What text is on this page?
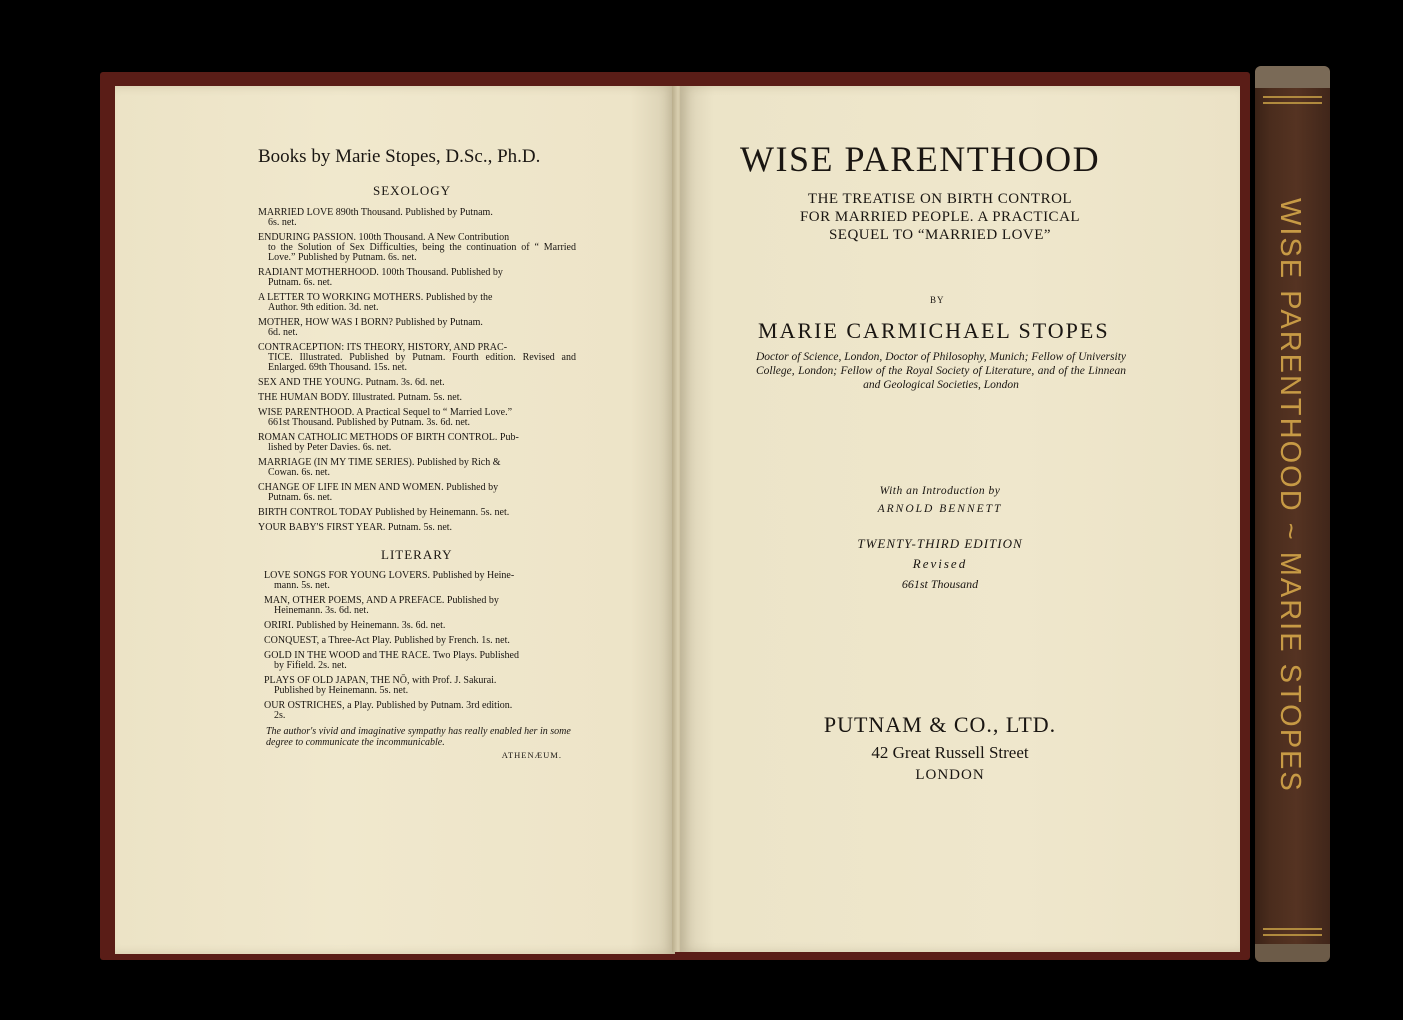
WISE PARENTHOOD ~ MARIE STOPES
Books by Marie Stopes, D.Sc., Ph.D.
SEXOLOGY
MARRIED LOVE 890th Thousand. Published by Putnam.
6s. net.
ENDURING PASSION. 100th Thousand. A New Contribution
to the Solution of Sex Difficulties, being the continuation of “ Married Love.” Published by Putnam. 6s. net.
RADIANT MOTHERHOOD. 100th Thousand. Published by
Putnam. 6s. net.
A LETTER TO WORKING MOTHERS. Published by the
Author. 9th edition. 3d. net.
MOTHER, HOW WAS I BORN? Published by Putnam.
6d. net.
CONTRACEPTION: ITS THEORY, HISTORY, AND PRAC-
TICE. Illustrated. Published by Putnam. Fourth edition. Revised and Enlarged. 69th Thousand. 15s. net.
SEX AND THE YOUNG. Putnam. 3s. 6d. net.
THE HUMAN BODY. Illustrated. Putnam. 5s. net.
WISE PARENTHOOD. A Practical Sequel to “ Married Love.”
661st Thousand. Published by Putnam. 3s. 6d. net.
ROMAN CATHOLIC METHODS OF BIRTH CONTROL. Pub-
lished by Peter Davies. 6s. net.
MARRIAGE (IN MY TIME SERIES). Published by Rich &
Cowan. 6s. net.
CHANGE OF LIFE IN MEN AND WOMEN. Published by
Putnam. 6s. net.
BIRTH CONTROL TODAY Published by Heinemann. 5s. net.
YOUR BABY'S FIRST YEAR. Putnam. 5s. net.
LITERARY
LOVE SONGS FOR YOUNG LOVERS. Published by Heine-
mann. 5s. net.
MAN, OTHER POEMS, AND A PREFACE. Published by
Heinemann. 3s. 6d. net.
ORIRI. Published by Heinemann. 3s. 6d. net.
CONQUEST, a Three-Act Play. Published by French. 1s. net.
GOLD IN THE WOOD and THE RACE. Two Plays. Published
by Fifield. 2s. net.
PLAYS OF OLD JAPAN, THE NŌ, with Prof. J. Sakurai.
Published by Heinemann. 5s. net.
OUR OSTRICHES, a Play. Published by Putnam. 3rd edition.
2s.
The author's vivid and imaginative sympathy has really enabled her in some degree to communicate the incommunicable.
ATHENÆUM.
WISE PARENTHOOD
THE TREATISE ON BIRTH CONTROL
FOR MARRIED PEOPLE. A PRACTICAL
SEQUEL TO “MARRIED LOVE”
BY
MARIE CARMICHAEL STOPES
Doctor of Science, London, Doctor of Philosophy, Munich; Fellow of University College, London; Fellow of the Royal Society of Literature, and of the Linnean and Geological Societies, London
With an Introduction by
ARNOLD BENNETT
TWENTY-THIRD EDITION
Revised
661st Thousand
PUTNAM & CO., LTD.
42 Great Russell Street
LONDON
